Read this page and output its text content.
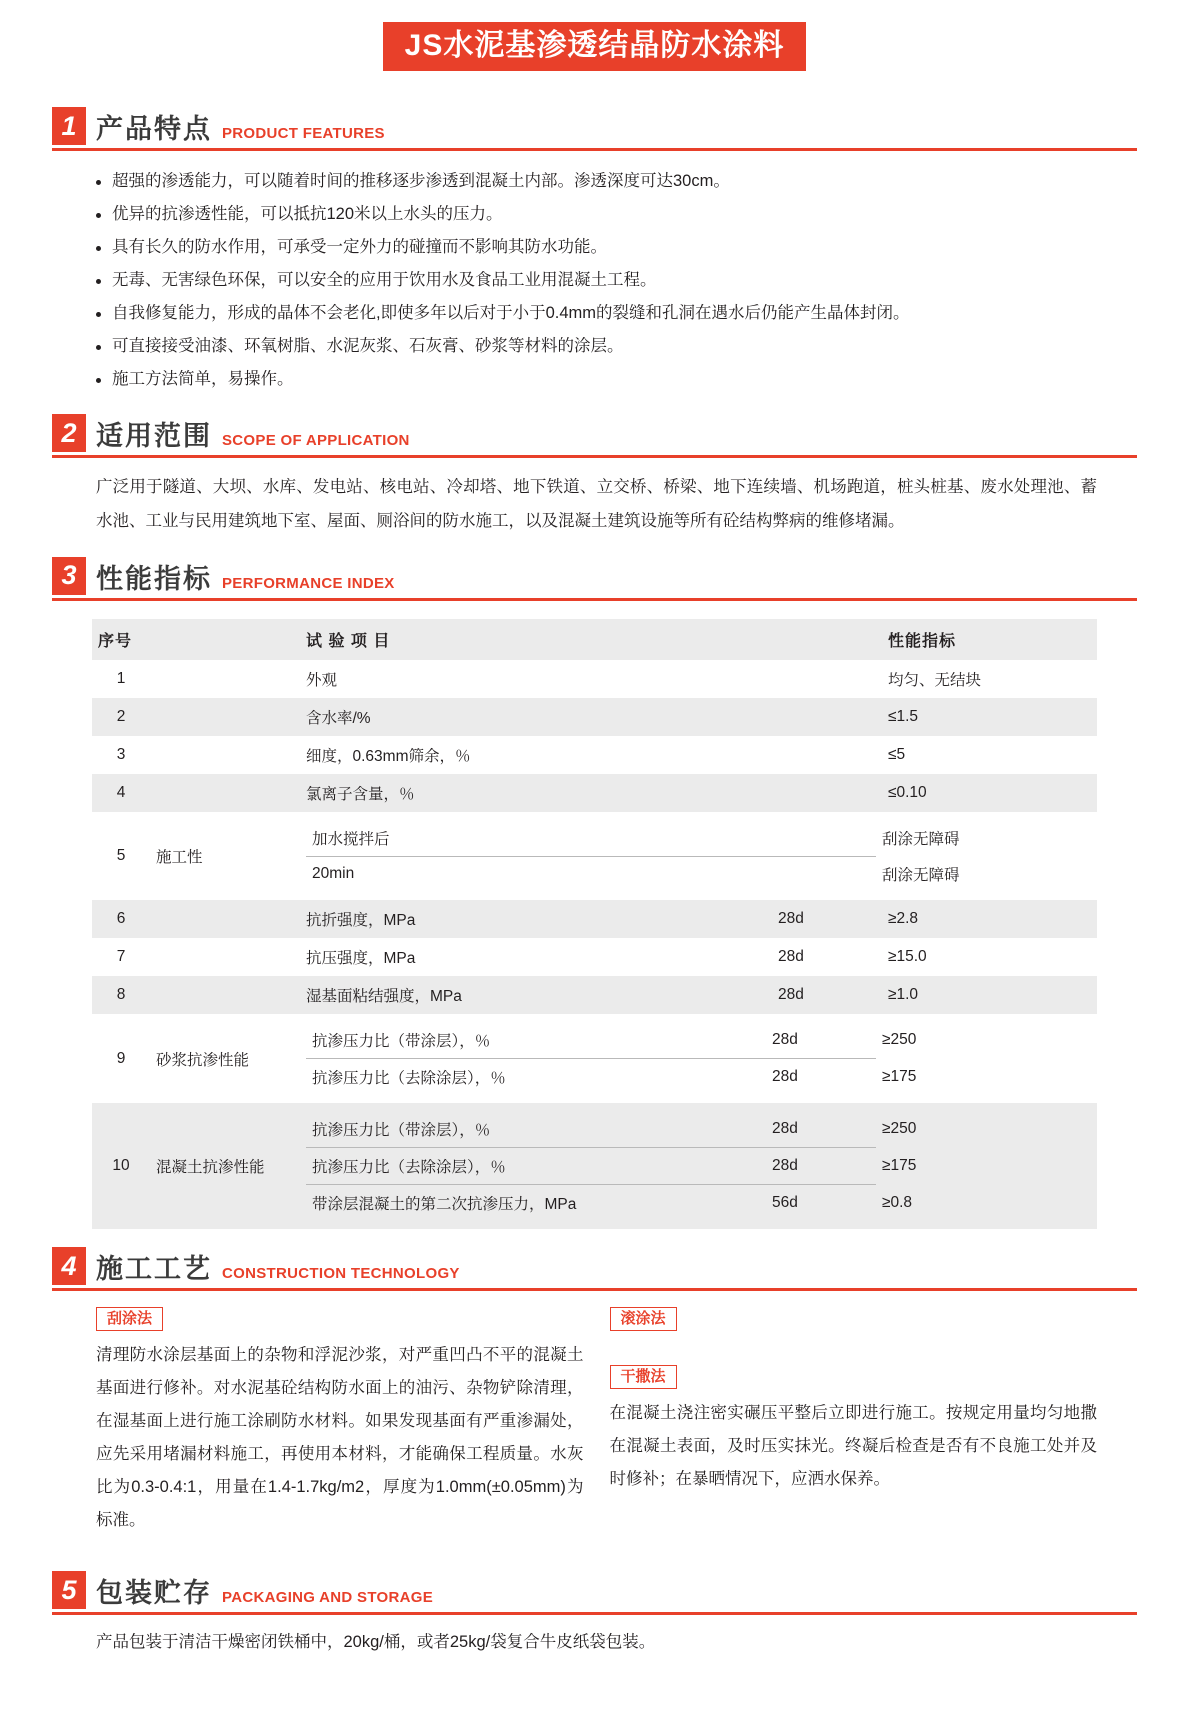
JS水泥基渗透结晶防水涂料
1 产品特点 PRODUCT FEATURES
超强的渗透能力，可以随着时间的推移逐步渗透到混凝土内部。渗透深度可达30cm。
优异的抗渗透性能，可以抵抗120米以上水头的压力。
具有长久的防水作用，可承受一定外力的碰撞而不影响其防水功能。
无毒、无害绿色环保，可以安全的应用于饮用水及食品工业用混凝土工程。
自我修复能力，形成的晶体不会老化,即使多年以后对于小于0.4mm的裂缝和孔洞在遇水后仍能产生晶体封闭。
可直接接受油漆、环氧树脂、水泥灰浆、石灰膏、砂浆等材料的涂层。
施工方法简单，易操作。
2 适用范围 SCOPE OF APPLICATION

广泛用于隧道、大坝、水库、发电站、核电站、冷却塔、地下铁道、立交桥、桥梁、地下连续墙、机场跑道，桩头桩基、废水处理池、蓄水池、工业与民用建筑地下室、屋面、厕浴间的防水施工，以及混凝土建筑设施等所有砼结构弊病的维修堵漏。

3 性能指标 PERFORMANCE INDEX
序号		试 验 项 目		性能指标
1		外观		均匀、无结块
2		含水率/%		≤1.5
3		细度，0.63mm筛余，％		≤5
4		氯离子含量，％		≤0.10
5	施工性	
加水搅拌后		刮涂无障碍
20min		刮涂无障碍

6		抗折强度，MPa	28d	≥2.8
7		抗压强度，MPa	28d	≥15.0
8		湿基面粘结强度，MPa	28d	≥1.0
9	砂浆抗渗性能	
抗渗压力比（带涂层），％	28d	≥250
抗渗压力比（去除涂层），％	28d	≥175

10	混凝土抗渗性能	
抗渗压力比（带涂层），％	28d	≥250
抗渗压力比（去除涂层），％	28d	≥175
带涂层混凝土的第二次抗渗压力，MPa	56d	≥0.8
4 施工工艺 CONSTRUCTION TECHNOLOGY
刮涂法

清理防水涂层基面上的杂物和浮泥沙浆，对严重凹凸不平的混凝土基面进行修补。对水泥基砼结构防水面上的油污、杂物铲除清理，在湿基面上进行施工涂刷防水材料。如果发现基面有严重渗漏处，应先采用堵漏材料施工，再使用本材料，才能确保工程质量。水灰比为0.3-0.4:1，用量在1.4-1.7kg/m2，厚度为1.0mm(±0.05mm)为标准。

滚涂法
干撒法

在混凝土浇注密实碾压平整后立即进行施工。按规定用量均匀地撒在混凝土表面，及时压实抹光。终凝后检查是否有不良施工处并及时修补；在暴晒情况下，应洒水保养。

5 包装贮存 PACKAGING AND STORAGE

产品包装于清洁干燥密闭铁桶中，20kg/桶，或者25kg/袋复合牛皮纸袋包装。
